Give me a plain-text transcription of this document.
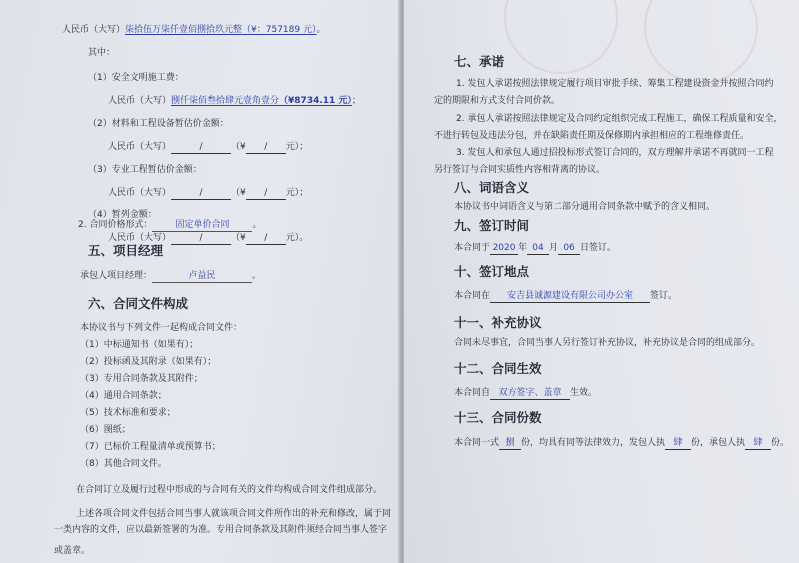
人民币（大写）柒拾伍万柒仟壹佰捌拾玖元整（¥：757189 元）。
其中：
（1）安全文明施工费：
人民币（大写）捌仟柒佰叁拾肆元壹角壹分（¥8734.11 元）；
（2）材料和工程设备暂估价金额：
人民币（大写）	/	（¥ / 元）；
（3）专业工程暂估价金额：
人民币（大写）	/	（¥ / 元）；
（4）暂列金额：
人民币（大写）	/	（¥ / 元）。
2. 合同价格形式：	固定单价合同	。
五、项目经理
承包人项目经理：	卢益民	。
六、合同文件构成
本协议书与下列文件一起构成合同文件：
（1）中标通知书（如果有）；
（2）投标函及其附录（如果有）；
（3）专用合同条款及其附件；
（4）通用合同条款；
（5）技术标准和要求；
（6）图纸；
（7）已标价工程量清单或预算书；
（8）其他合同文件。
在合同订立及履行过程中形成的与合同有关的文件均构成合同文件组成部分。
上述各项合同文件包括合同当事人就该项合同文件所作出的补充和修改，属于同
一类内容的文件，应以最新签署的为准。专用合同条款及其附件须经合同当事人签字
或盖章。
七、承诺
1. 发包人承诺按照法律规定履行项目审批手续、筹集工程建设资金并按照合同约
定的期限和方式支付合同价款。
2. 承包人承诺按照法律规定及合同约定组织完成工程施工，确保工程质量和安全，
不进行转包及违法分包，并在缺陷责任期及保修期内承担相应的工程维修责任。
3. 发包人和承包人通过招投标形式签订合同的，双方理解并承诺不再就同一工程
另行签订与合同实质性内容相背离的协议。
八、词语含义
本协议书中词语含义与第二部分通用合同条款中赋予的含义相同。
九、签订时间
本合同于 2020 年 04 月 06 日签订。
十、签订地点
本合同在 安吉县诚源建设有限公司办公室 签订。
十一、补充协议
合同未尽事宜，合同当事人另行签订补充协议，补充协议是合同的组成部分。
十二、合同生效
本合同自 双方签字、盖章 生效。
十三、合同份数
本合同一式 捌 份，均具有同等法律效力，发包人执 肆 份，承包人执 肆 份。
